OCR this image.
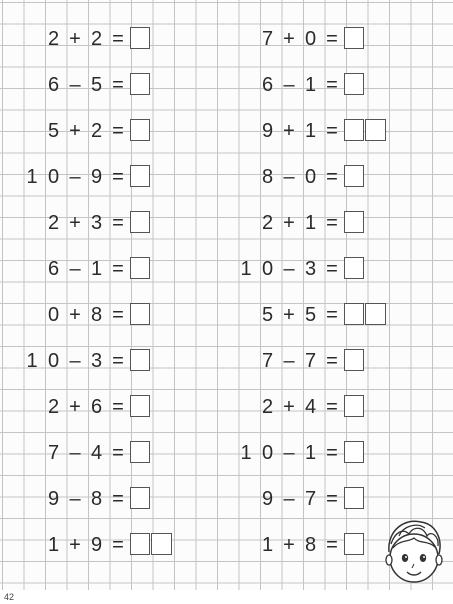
2 + 2 =
6 – 5 =
5 + 2 =
1 0 – 9 =
2 + 3 =
6 – 1 =
0 + 8 =
1 0 – 3 =
2 + 6 =
7 – 4 =
9 – 8 =
1 + 9 =
7 + 0 =
6 – 1 =
9 + 1 =
8 – 0 =
2 + 1 =
1 0 – 3 =
5 + 5 =
7 – 7 =
2 + 4 =
1 0 – 1 =
9 – 7 =
1 + 8 =
42
